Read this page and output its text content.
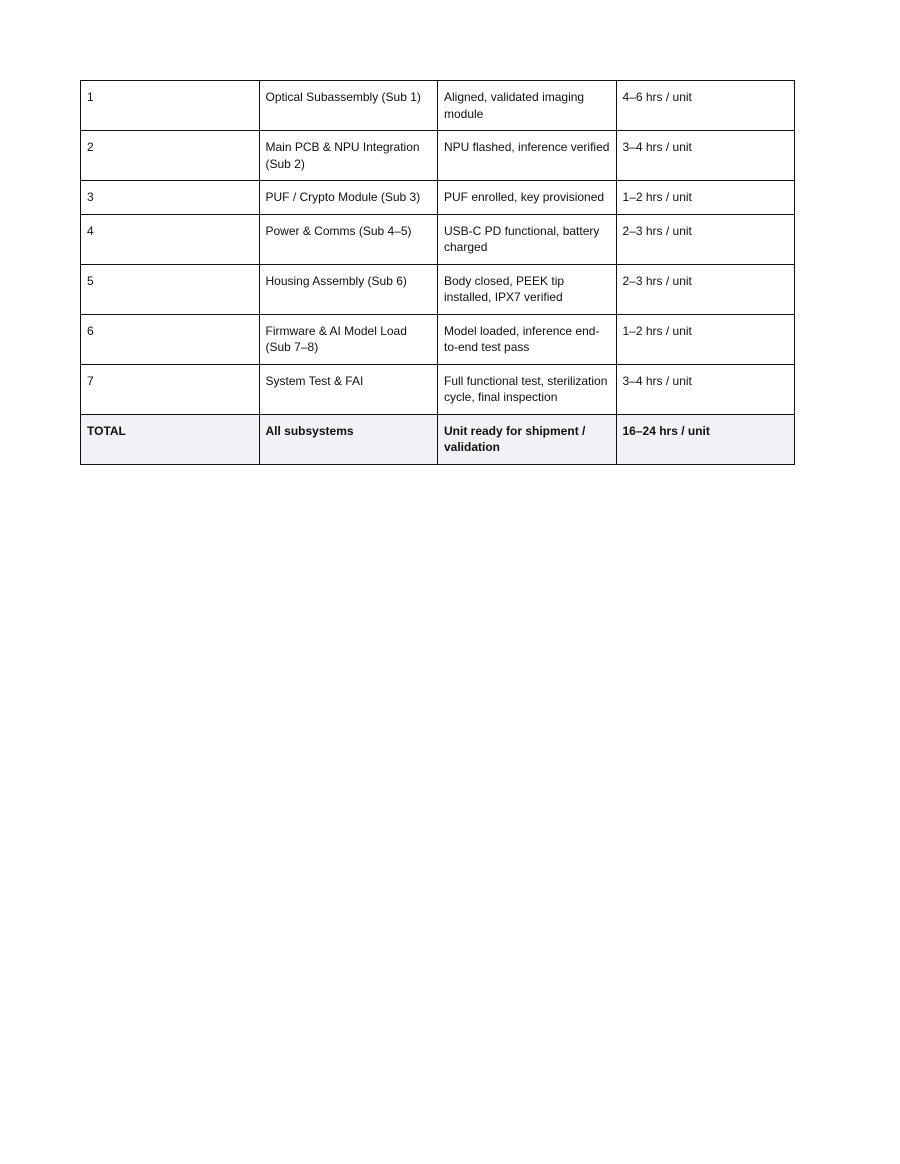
1	Optical Subassembly (Sub 1)	Aligned, validated imaging module	4–6 hrs / unit
2	Main PCB & NPU Integration (Sub 2)	NPU flashed, inference verified	3–4 hrs / unit
3	PUF / Crypto Module (Sub 3)	PUF enrolled, key provisioned	1–2 hrs / unit
4	Power & Comms (Sub 4–5)	USB-C PD functional, battery charged	2–3 hrs / unit
5	Housing Assembly (Sub 6)	Body closed, PEEK tip installed, IPX7 verified	2–3 hrs / unit
6	Firmware & AI Model Load (Sub 7–8)	Model loaded, inference end-to-end test pass	1–2 hrs / unit
7	System Test & FAI	Full functional test, sterilization cycle, final inspection	3–4 hrs / unit
TOTAL	All subsystems	Unit ready for shipment / validation	16–24 hrs / unit
